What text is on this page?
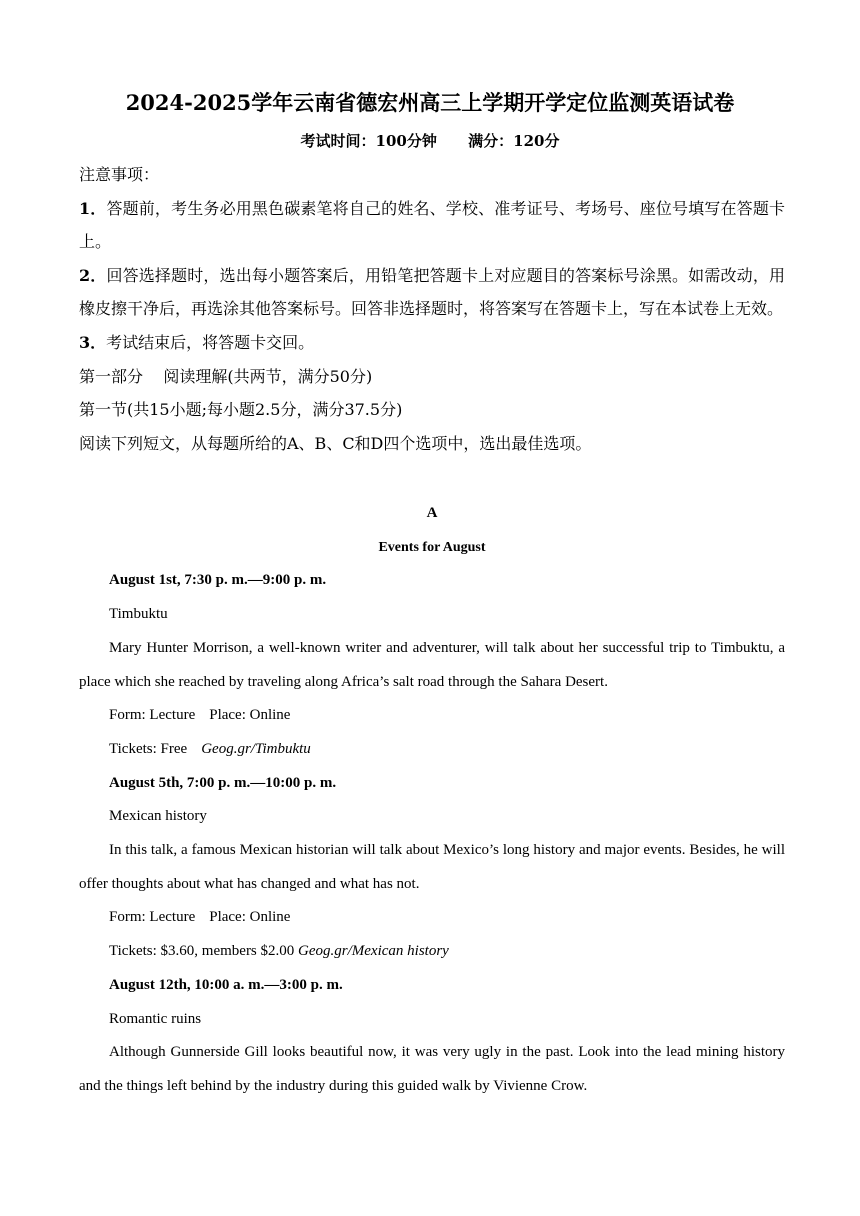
2024-2025学年云南省德宏州高三上学期开学定位监测英语试卷
考试时间：100分钟      满分：120分

注意事项：

1．答题前，考生务必用黑色碳素笔将自己的姓名、学校、准考证号、考场号、座位号填写在答题卡上。

2．回答选择题时，选出每小题答案后，用铅笔把答题卡上对应题目的答案标号涂黑。如需改动，用橡皮擦干净后，再选涂其他答案标号。回答非选择题时，将答案写在答题卡上，写在本试卷上无效。

3．考试结束后，将答题卡交回。

第一部分    阅读理解(共两节，满分50分)

第一节(共15小题;每小题2.5分，满分37.5分)

阅读下列短文，从每题所给的A、B、C和D四个选项中，选出最佳选项。

A

Events for August

August 1st, 7:30 p. m.—9:00 p. m.

Timbuktu

Mary Hunter Morrison, a well-known writer and adventurer, will talk about her successful trip to Timbuktu, a place which she reached by traveling along Africa’s salt road through the Sahara Desert.

Form: Lecture Place: Online

Tickets: Free Geog.gr/Timbuktu

August 5th, 7:00 p. m.—10:00 p. m.

Mexican history

In this talk, a famous Mexican historian will talk about Mexico’s long history and major events. Besides, he will offer thoughts about what has changed and what has not.

Form: Lecture Place: Online

Tickets: $3.60, members $2.00 Geog.gr/Mexican history

August 12th, 10:00 a. m.—3:00 p. m.

Romantic ruins

Although Gunnerside Gill looks beautiful now, it was very ugly in the past. Look into the lead mining history and the things left behind by the industry during this guided walk by Vivienne Crow.
